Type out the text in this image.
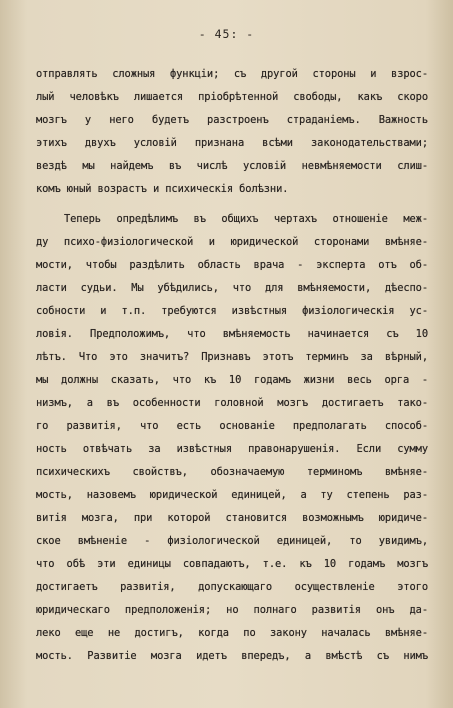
- 45: -
отправлять сложныя функціи; съ другой стороны и взрос-
лый человѣкъ лишается пріобрѣтенной свободы, какъ скоро
мозгъ у него будетъ разстроенъ страданіемъ. Важность
этихъ двухъ условій признана всѣми законодательствами;
вездѣ мы найдемъ въ числѣ условій невмѣняемости слиш-
комъ юный возрастъ и психическія болѣзни.
Теперь опредѣлимъ въ общихъ чертахъ отношеніе меж-
ду психо-физіологической и юридической сторонами вмѣняе-
мости, чтобы раздѣлить область врача - эксперта отъ об-
ласти судьи. Мы убѣдились, что для вмѣняемости, дѣеспо-
собности и т.п. требуются извѣстныя физіологическія ус-
ловія. Предположимъ, что вмѣняемость начинается съ 10
лѣтъ. Что это значитъ? Признавъ этотъ терминъ за вѣрный,
мы должны сказать, что къ 10 годамъ жизни весь орга -
низмъ, а въ особенности головной мозгъ достигаетъ тако-
го развитія, что есть основаніе предполагать способ-
ность отвѣчать за извѣстныя правонарушенія. Если сумму
психическихъ свойствъ, обозначаемую терминомъ вмѣняе-
мость, назовемъ юридической единицей, а ту степень раз-
витія мозга, при которой становится возможнымъ юридиче-
ское вмѣненіе - физіологической единицей, то увидимъ,
что обѣ эти единицы совпадаютъ, т.е. къ 10 годамъ мозгъ
достигаетъ развитія, допускающаго осуществленіе этого
юридическаго предположенія; но полнаго развитія онъ да-
леко еще не достигъ, когда по закону началась вмѣняе-
мость. Развитіе мозга идетъ впередъ, а вмѣстѣ съ нимъ
